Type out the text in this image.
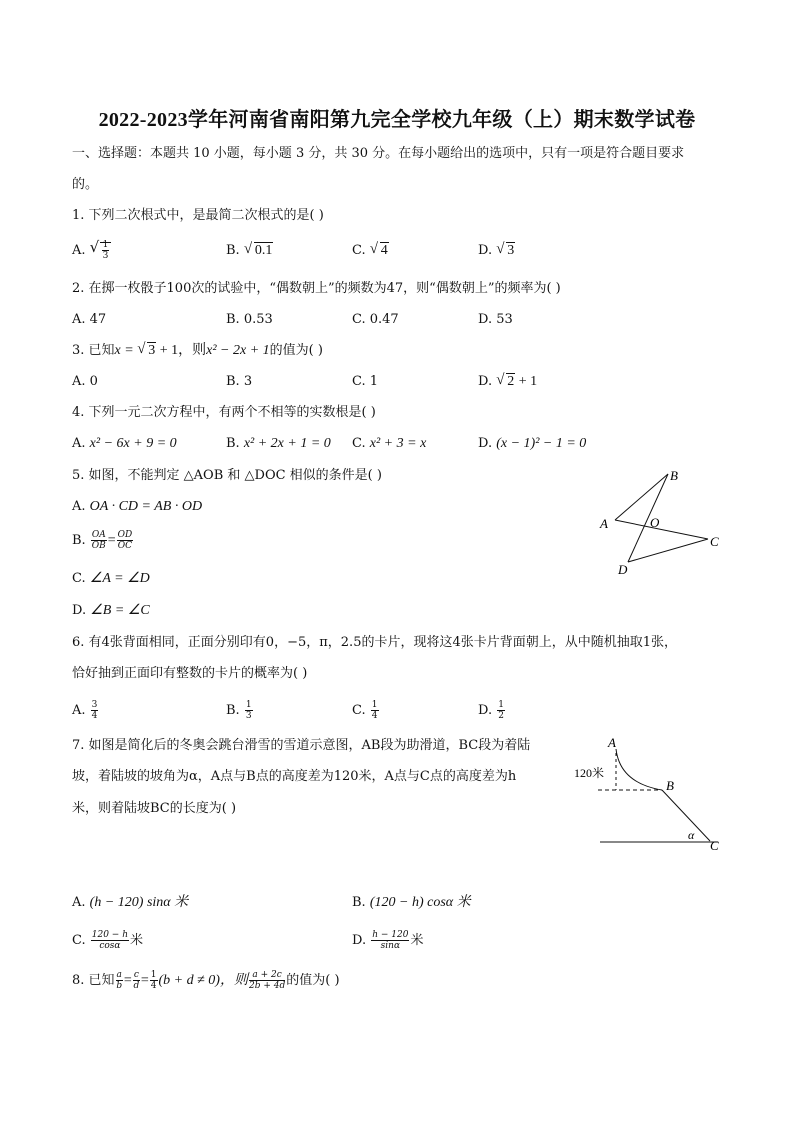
2022-2023学年河南省南阳第九完全学校九年级（上）期末数学试卷
一、选择题：本题共 10 小题，每小题 3 分，共 30 分。在每小题给出的选项中，只有一项是符合题目要求
的。
1. 下列二次根式中，是最简二次根式的是( )
A. √ $\frac{1}{3}$	B. √ 0.1	C. √ 4	D. √ 3
2. 在掷一枚骰子100次的试验中，“偶数朝上”的频数为47，则“偶数朝上”的频率为( )
A. 47	B. 0.53	C. 0.47	D. 53
3. 已知x = √ 3 + 1，则x² − 2x + 1的值为( )
A. 0	B. 3	C. 1	D. √ 2 + 1
4. 下列一元二次方程中，有两个不相等的实数根是( )
A. x² − 6x + 9 = 0	B. x² + 2x + 1 = 0 C. x² + 3 = x	D. (x − 1)² − 1 = 0
5. 如图，不能判定 △AOB 和 △DOC 相似的条件是( )
A. OA · CD = AB · OD
B. $\frac{OA}{OB} = \frac{OD}{OC}$
C. ∠A = ∠D
D. ∠B = ∠C
B
A	O
C
D
6. 有4张背面相同，正面分别印有0，−5，π，2.5的卡片，现将这4张卡片背面朝上，从中随机抽取1张，
恰好抽到正面印有整数的卡片的概率为( )
A. $\frac{3}{4}$	B. $\frac{1}{3}$	C. $\frac{1}{4}$	D. $\frac{1}{2}$
7. 如图是简化后的冬奥会跳台滑雪的雪道示意图，AB段为助滑道，BC段为着陆
坡，着陆坡的坡角为α，A点与B点的高度差为120米，A点与C点的高度差为h
米，则着陆坡BC的长度为( )
A
B
C
120米
α
A. (h − 120) sinα 米	B. (120 − h) cosα 米
C. $\frac{120 - h}{\cos\alpha}$ 米	D. $\frac{h - 120}{\sin\alpha}$ 米
8. 已知 $\frac{a}{b} = \frac{c}{d} = \frac{1}{4} (b + d \ne 0)$，则 $\frac{a + 2c}{2b + 4d}$ 的值为( )
